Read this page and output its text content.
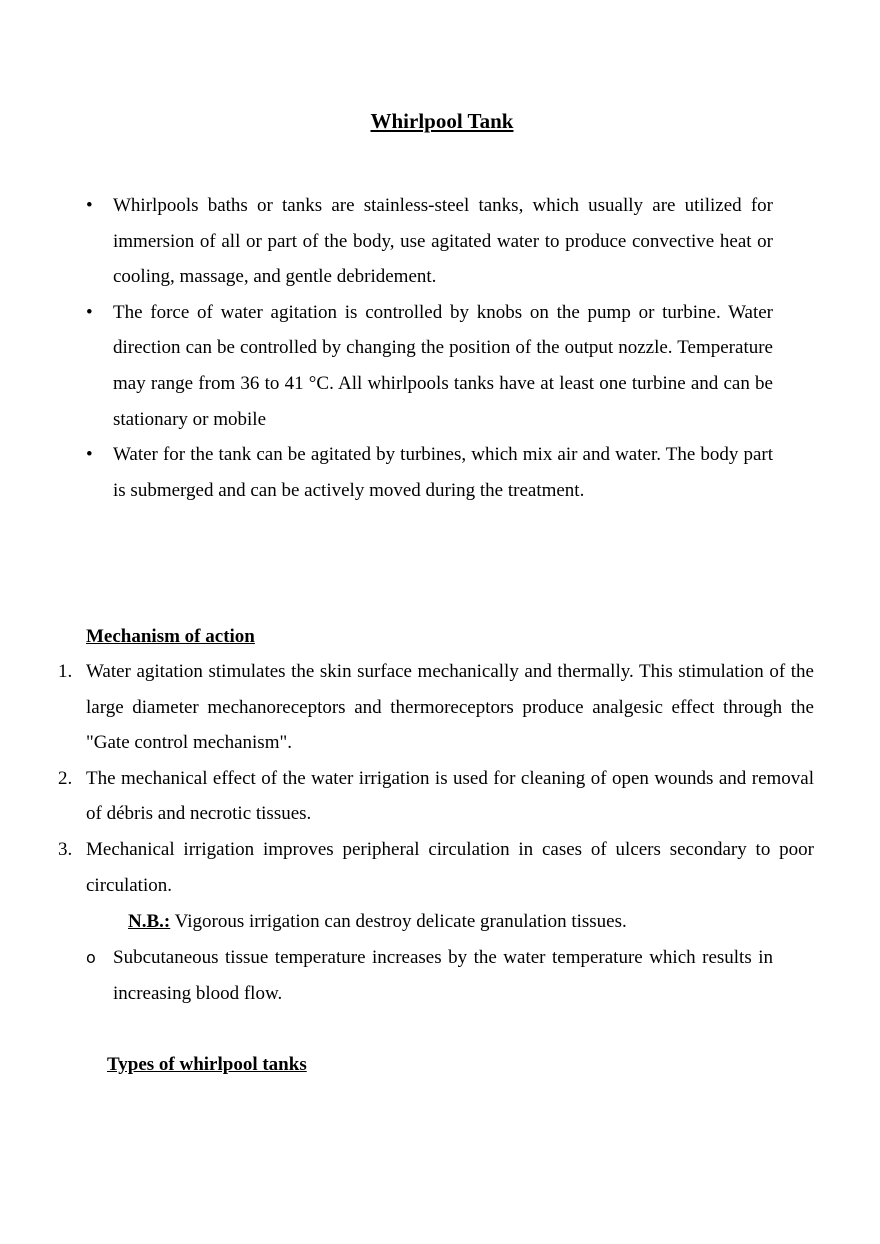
Whirlpool Tank
• Whirlpools baths or tanks are stainless-steel tanks, which usually are utilized for immersion of all or part of the body, use agitated water to produce convective heat or cooling, massage, and gentle debridement.
• The force of water agitation is controlled by knobs on the pump or turbine. Water direction can be controlled by changing the position of the output nozzle. Temperature may range from 36 to 41 °C. All whirlpools tanks have at least one turbine and can be stationary or mobile
• Water for the tank can be agitated by turbines, which mix air and water. The body part is submerged and can be actively moved during the treatment.
Mechanism of action
1. Water agitation stimulates the skin surface mechanically and thermally. This stimulation of the large diameter mechanoreceptors and thermoreceptors produce analgesic effect through the "Gate control mechanism".
2. The mechanical effect of the water irrigation is used for cleaning of open wounds and removal of débris and necrotic tissues.
3. Mechanical irrigation improves peripheral circulation in cases of ulcers secondary to poor circulation.
N.B.: Vigorous irrigation can destroy delicate granulation tissues.
o Subcutaneous tissue temperature increases by the water temperature which results in increasing blood flow.
Types of whirlpool tanks
